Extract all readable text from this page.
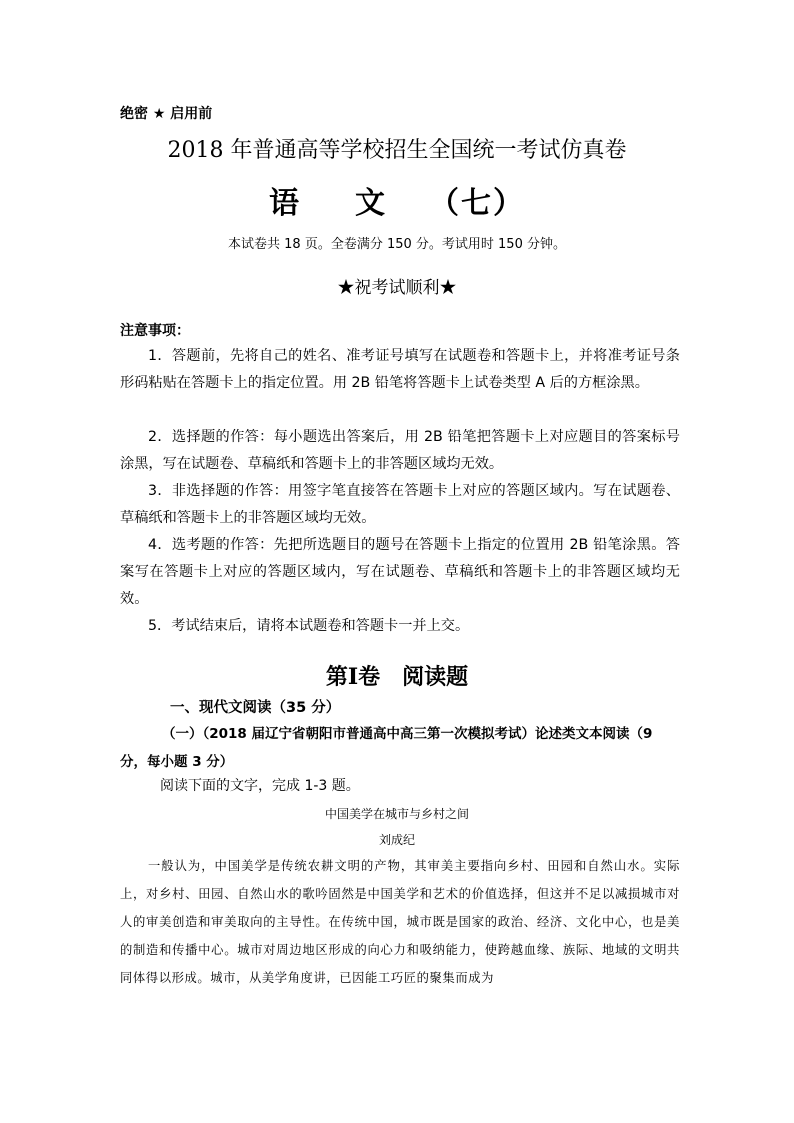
绝密 ★ 启用前
2018 年普通高等学校招生全国统一考试仿真卷
语 文 （七）
本试卷共 18 页。全卷满分 150 分。考试用时 150 分钟。
★祝考试顺利★
注意事项：
1．答题前，先将自己的姓名、准考证号填写在试题卷和答题卡上，并将准考证号条形码粘贴在答题卡上的指定位置。用 2B 铅笔将答题卡上试卷类型 A 后的方框涂黑。
2．选择题的作答：每小题选出答案后，用 2B 铅笔把答题卡上对应题目的答案标号涂黑，写在试题卷、草稿纸和答题卡上的非答题区域均无效。
3．非选择题的作答：用签字笔直接答在答题卡上对应的答题区域内。写在试题卷、草稿纸和答题卡上的非答题区域均无效。
4．选考题的作答：先把所选题目的题号在答题卡上指定的位置用 2B 铅笔涂黑。答案写在答题卡上对应的答题区域内，写在试题卷、草稿纸和答题卡上的非答题区域均无效。
5．考试结束后，请将本试题卷和答题卡一并上交。
第Ⅰ卷　阅读题
一、现代文阅读（35 分）
（一）（2018 届辽宁省朝阳市普通高中高三第一次模拟考试）论述类文本阅读（9 分，每小题 3 分）
阅读下面的文字，完成 1-3 题。
中国美学在城市与乡村之间
刘成纪
一般认为，中国美学是传统农耕文明的产物，其审美主要指向乡村、田园和自然山水。实际上，对乡村、田园、自然山水的歌吟固然是中国美学和艺术的价值选择，但这并不足以减损城市对人的审美创造和审美取向的主导性。在传统中国，城市既是国家的政治、经济、文化中心，也是美的制造和传播中心。城市对周边地区形成的向心力和吸纳能力，使跨越血缘、族际、地域的文明共同体得以形成。城市，从美学角度讲，已因能工巧匠的聚集而成为
